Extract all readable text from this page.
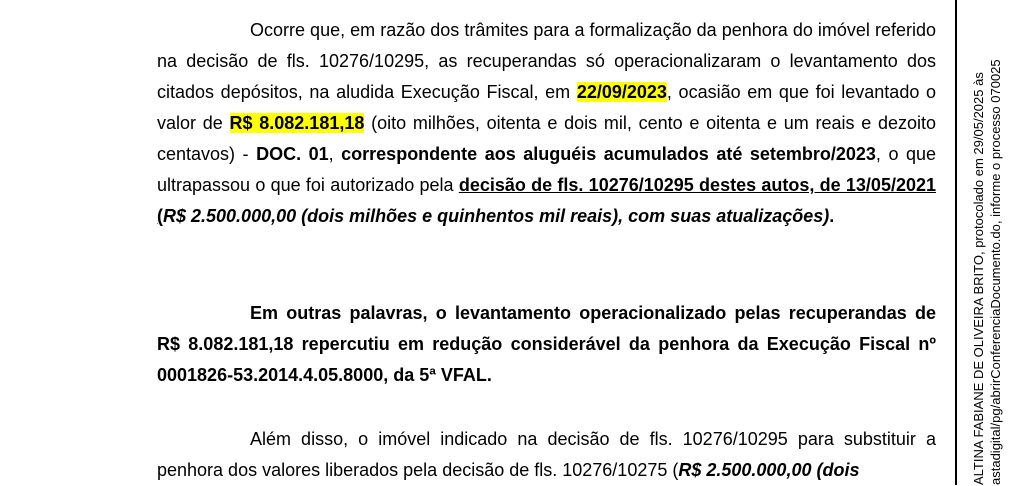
Ocorre que, em razão dos trâmites para a formalização da penhora do imóvel referido na decisão de fls. 10276/10295, as recuperandas só operacionalizaram o levantamento dos citados depósitos, na aludida Execução Fiscal, em 22/09/2023, ocasião em que foi levantado o valor de R$ 8.082.181,18 (oito milhões, oitenta e dois mil, cento e oitenta e um reais e dezoito centavos) - DOC. 01, correspondente aos aluguéis acumulados até setembro/2023, o que ultrapassou o que foi autorizado pela decisão de fls. 10276/10295 destes autos, de 13/05/2021 (R$ 2.500.000,00 (dois milhões e quinhentos mil reais), com suas atualizações).

Em outras palavras, o levantamento operacionalizado pelas recuperandas de R$ 8.082.181,18 repercutiu em redução considerável da penhora da Execução Fiscal nº 0001826-53.2014.4.05.8000, da 5ª VFAL.

Além disso, o imóvel indicado na decisão de fls. 10276/10295 para substituir a penhora dos valores liberados pela decisão de fls. 10276/10275 (R$ 2.500.000,00 (dois	ALTINA FABIANE DE OLIVEIRA BRITO, protocolado em 29/05/2025 às astadigital/pg/abrirConferenciaDocumento.do, informe o processo 070025
